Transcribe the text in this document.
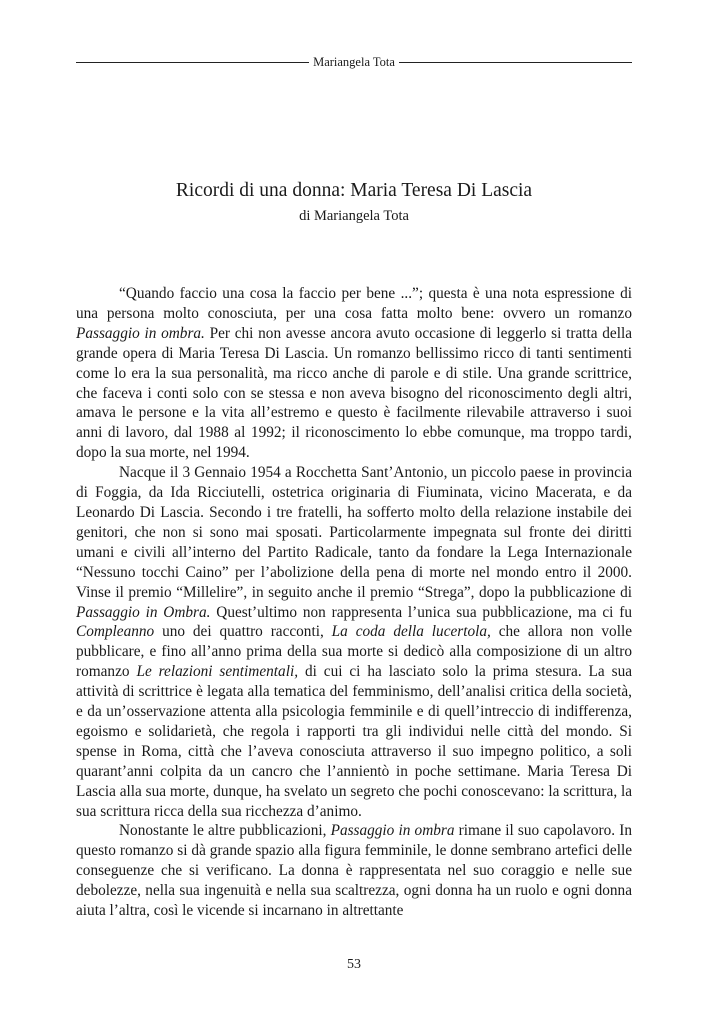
Mariangela Tota
Ricordi di una donna: Maria Teresa Di Lascia
di Mariangela Tota

“Quando faccio una cosa la faccio per bene ...”; questa è una nota espressione di una persona molto conosciuta, per una cosa fatta molto bene: ovvero un romanzo Passaggio in ombra. Per chi non avesse ancora avuto occasione di leggerlo si tratta della grande opera di Maria Teresa Di Lascia. Un romanzo bellissimo ricco di tanti sentimenti come lo era la sua personalità, ma ricco anche di parole e di stile. Una grande scrittrice, che faceva i conti solo con se stessa e non aveva bisogno del riconoscimento degli altri, amava le persone e la vita all’estremo e questo è facilmente rilevabile attraverso i suoi anni di lavoro, dal 1988 al 1992; il riconoscimento lo ebbe comunque, ma troppo tardi, dopo la sua morte, nel 1994.

Nacque il 3 Gennaio 1954 a Rocchetta Sant’Antonio, un piccolo paese in provincia di Foggia, da Ida Ricciutelli, ostetrica originaria di Fiuminata, vicino Macerata, e da Leonardo Di Lascia. Secondo i tre fratelli, ha sofferto molto della relazione instabile dei genitori, che non si sono mai sposati. Particolarmente impegnata sul fronte dei diritti umani e civili all’interno del Partito Radicale, tanto da fondare la Lega Internazionale “Nessuno tocchi Caino” per l’abolizione della pena di morte nel mondo entro il 2000. Vinse il premio “Millelire”, in seguito anche il premio “Strega”, dopo la pubblicazione di Passaggio in Ombra. Quest’ultimo non rappresenta l’unica sua pubblicazione, ma ci fu Compleanno uno dei quattro racconti, La coda della lucertola, che allora non volle pubblicare, e fino all’anno prima della sua morte si dedicò alla composizione di un altro romanzo Le relazioni sentimentali, di cui ci ha lasciato solo la prima stesura. La sua attività di scrittrice è legata alla tematica del femminismo, dell’analisi critica della società, e da un’osservazione attenta alla psicologia femminile e di quell’intreccio di indifferenza, egoismo e solidarietà, che regola i rapporti tra gli individui nelle città del mondo. Si spense in Roma, città che l’aveva conosciuta attraverso il suo impegno politico, a soli quarant’anni colpita da un cancro che l’annientò in poche settimane. Maria Teresa Di Lascia alla sua morte, dunque, ha svelato un segreto che pochi conoscevano: la scrittura, la sua scrittura ricca della sua ricchezza d’animo.

Nonostante le altre pubblicazioni, Passaggio in ombra rimane il suo capolavoro. In questo romanzo si dà grande spazio alla figura femminile, le donne sembrano artefici delle conseguenze che si verificano. La donna è rappresentata nel suo coraggio e nelle sue debolezze, nella sua ingenuità e nella sua scaltrezza, ogni donna ha un ruolo e ogni donna aiuta l’altra, così le vicende si incarnano in altrettante

53
